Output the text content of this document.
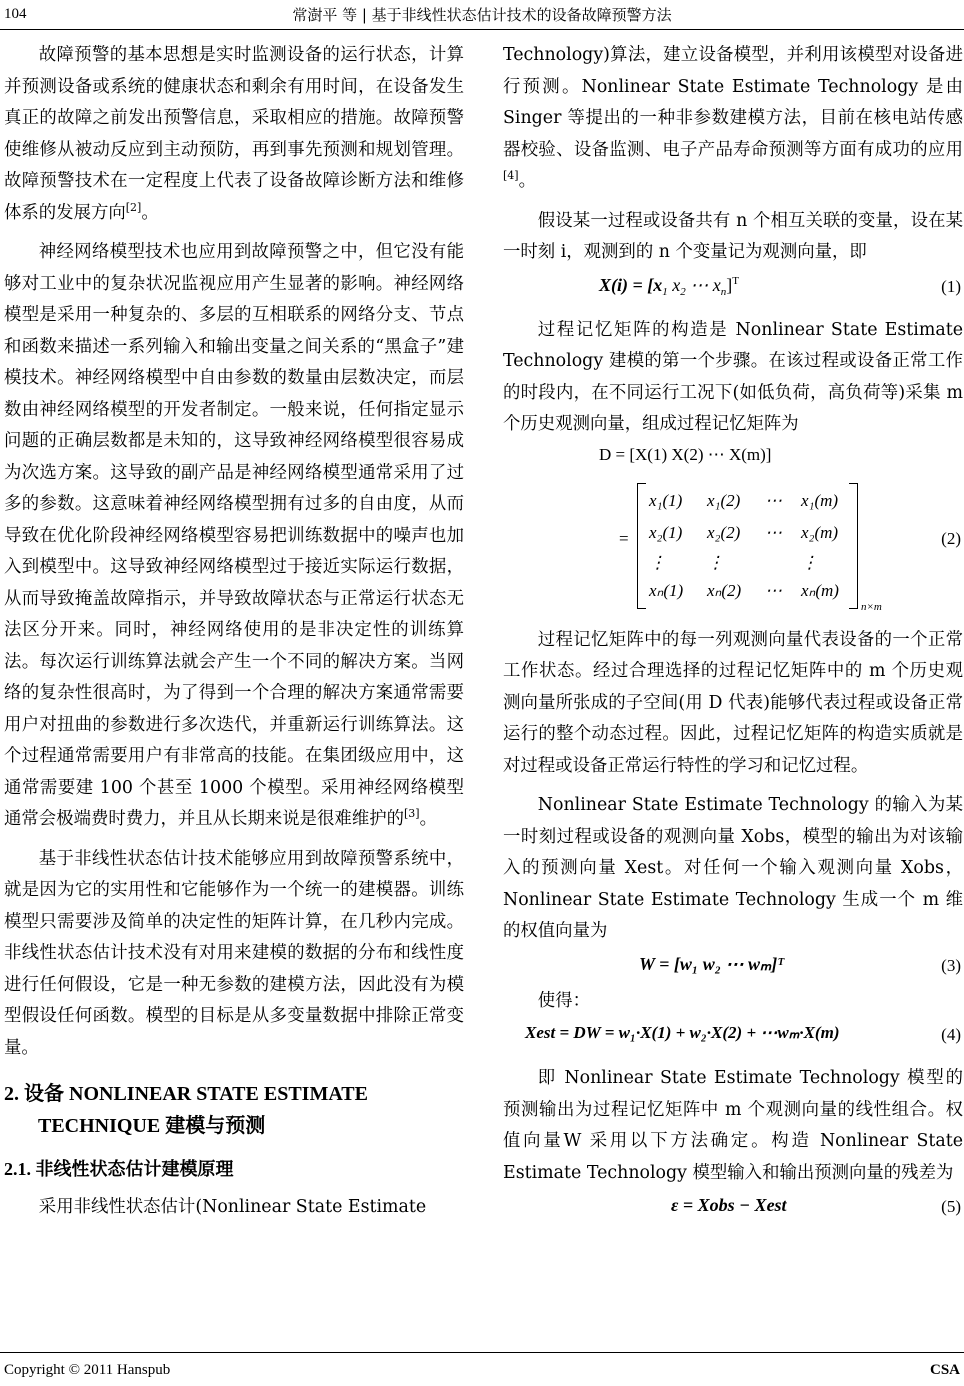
104	常澍平 等 | 基于非线性状态估计技术的设备故障预警方法

故障预警的基本思想是实时监测设备的运行状态，计算并预测设备或系统的健康状态和剩余有用时间，在设备发生真正的故障之前发出预警信息，采取相应的措施。故障预警使维修从被动反应到主动预防，再到事先预测和规划管理。故障预警技术在一定程度上代表了设备故障诊断方法和维修体系的发展方向[2]。

神经网络模型技术也应用到故障预警之中，但它没有能够对工业中的复杂状况监视应用产生显著的影响。神经网络模型是采用一种复杂的、多层的互相联系的网络分支、节点和函数来描述一系列输入和输出变量之间关系的“黑盒子”建模技术。神经网络模型中自由参数的数量由层数决定，而层数由神经网络模型的开发者制定。一般来说，任何指定显示问题的正确层数都是未知的，这导致神经网络模型很容易成为次选方案。这导致的副产品是神经网络模型通常采用了过多的参数。这意味着神经网络模型拥有过多的自由度，从而导致在优化阶段神经网络模型容易把训练数据中的噪声也加入到模型中。这导致神经网络模型过于接近实际运行数据，从而导致掩盖故障指示，并导致故障状态与正常运行状态无法区分开来。同时，神经网络使用的是非决定性的训练算法。每次运行训练算法就会产生一个不同的解决方案。当网络的复杂性很高时，为了得到一个合理的解决方案通常需要用户对扭曲的参数进行多次迭代，并重新运行训练算法。这个过程通常需要用户有非常高的技能。在集团级应用中，这通常需要建 100 个甚至 1000 个模型。采用神经网络模型通常会极端费时费力，并且从长期来说是很难维护的[3]。

基于非线性状态估计技术能够应用到故障预警系统中，就是因为它的实用性和它能够作为一个统一的建模器。训练模型只需要涉及简单的决定性的矩阵计算，在几秒内完成。非线性状态估计技术没有对用来建模的数据的分布和线性度进行任何假设，它是一种无参数的建模方法，因此没有为模型假设任何函数。模型的目标是从多变量数据中排除正常变量。

2. 设备 NONLINEAR STATE ESTIMATE TECHNIQUE 建模与预测
2.1. 非线性状态估计建模原理

采用非线性状态估计(Nonlinear State Estimate

Technology)算法，建立设备模型，并利用该模型对设备进行预测。Nonlinear State Estimate Technology 是由 Singer 等提出的一种非参数建模方法，目前在核电站传感器校验、设备监测、电子产品寿命预测等方面有成功的应用[4]。

假设某一过程或设备共有 n 个相互关联的变量，设在某一时刻 i，观测到的 n 个变量记为观测向量，即

$X(i) = [x_1$ $x_2$ ⋯ $x_n]^T$	(1)

过程记忆矩阵的构造是 Nonlinear State Estimate Technology 建模的第一个步骤。在该过程或设备正常工作的时段内，在不同运行工况下(如低负荷，高负荷等)采集 m 个历史观测向量，组成过程记忆矩阵为

D = [X(1) X(2) ⋯ X(m)]
=
x₁(1) x₁(2) ⋯ x₁(m)
x₂(1) x₂(2) ⋯ x₂(m)
⋮ ⋮	⋮
xₙ(1) xₙ(2) ⋯ xₙ(m)
n×m
(2)

过程记忆矩阵中的每一列观测向量代表设备的一个正常工作状态。经过合理选择的过程记忆矩阵中的 m 个历史观测向量所张成的子空间(用 D 代表)能够代表过程或设备正常运行的整个动态过程。因此，过程记忆矩阵的构造实质就是对过程或设备正常运行特性的学习和记忆过程。

Nonlinear State Estimate Technology 的输入为某一时刻过程或设备的观测向量 Xobs，模型的输出为对该输入的预测向量 Xest。对任何一个输入观测向量 Xobs，Nonlinear State Estimate Technology 生成一个 m 维的权值向量为

W = [w₁ w₂ ⋯ wₘ]ᵀ	(3)

使得：

Xest = DW = w₁·X(1) + w₂·X(2) + ⋯wₘ·X(m)	(4)

即 Nonlinear State Estimate Technology 模型的预测输出为过程记忆矩阵中 m 个观测向量的线性组合。权值向量W 采用以下方法确定。构造 Nonlinear State Estimate Technology 模型输入和输出预测向量的残差为

ε = Xobs − Xest	(5)
Copyright © 2011 Hanspub	CSA
